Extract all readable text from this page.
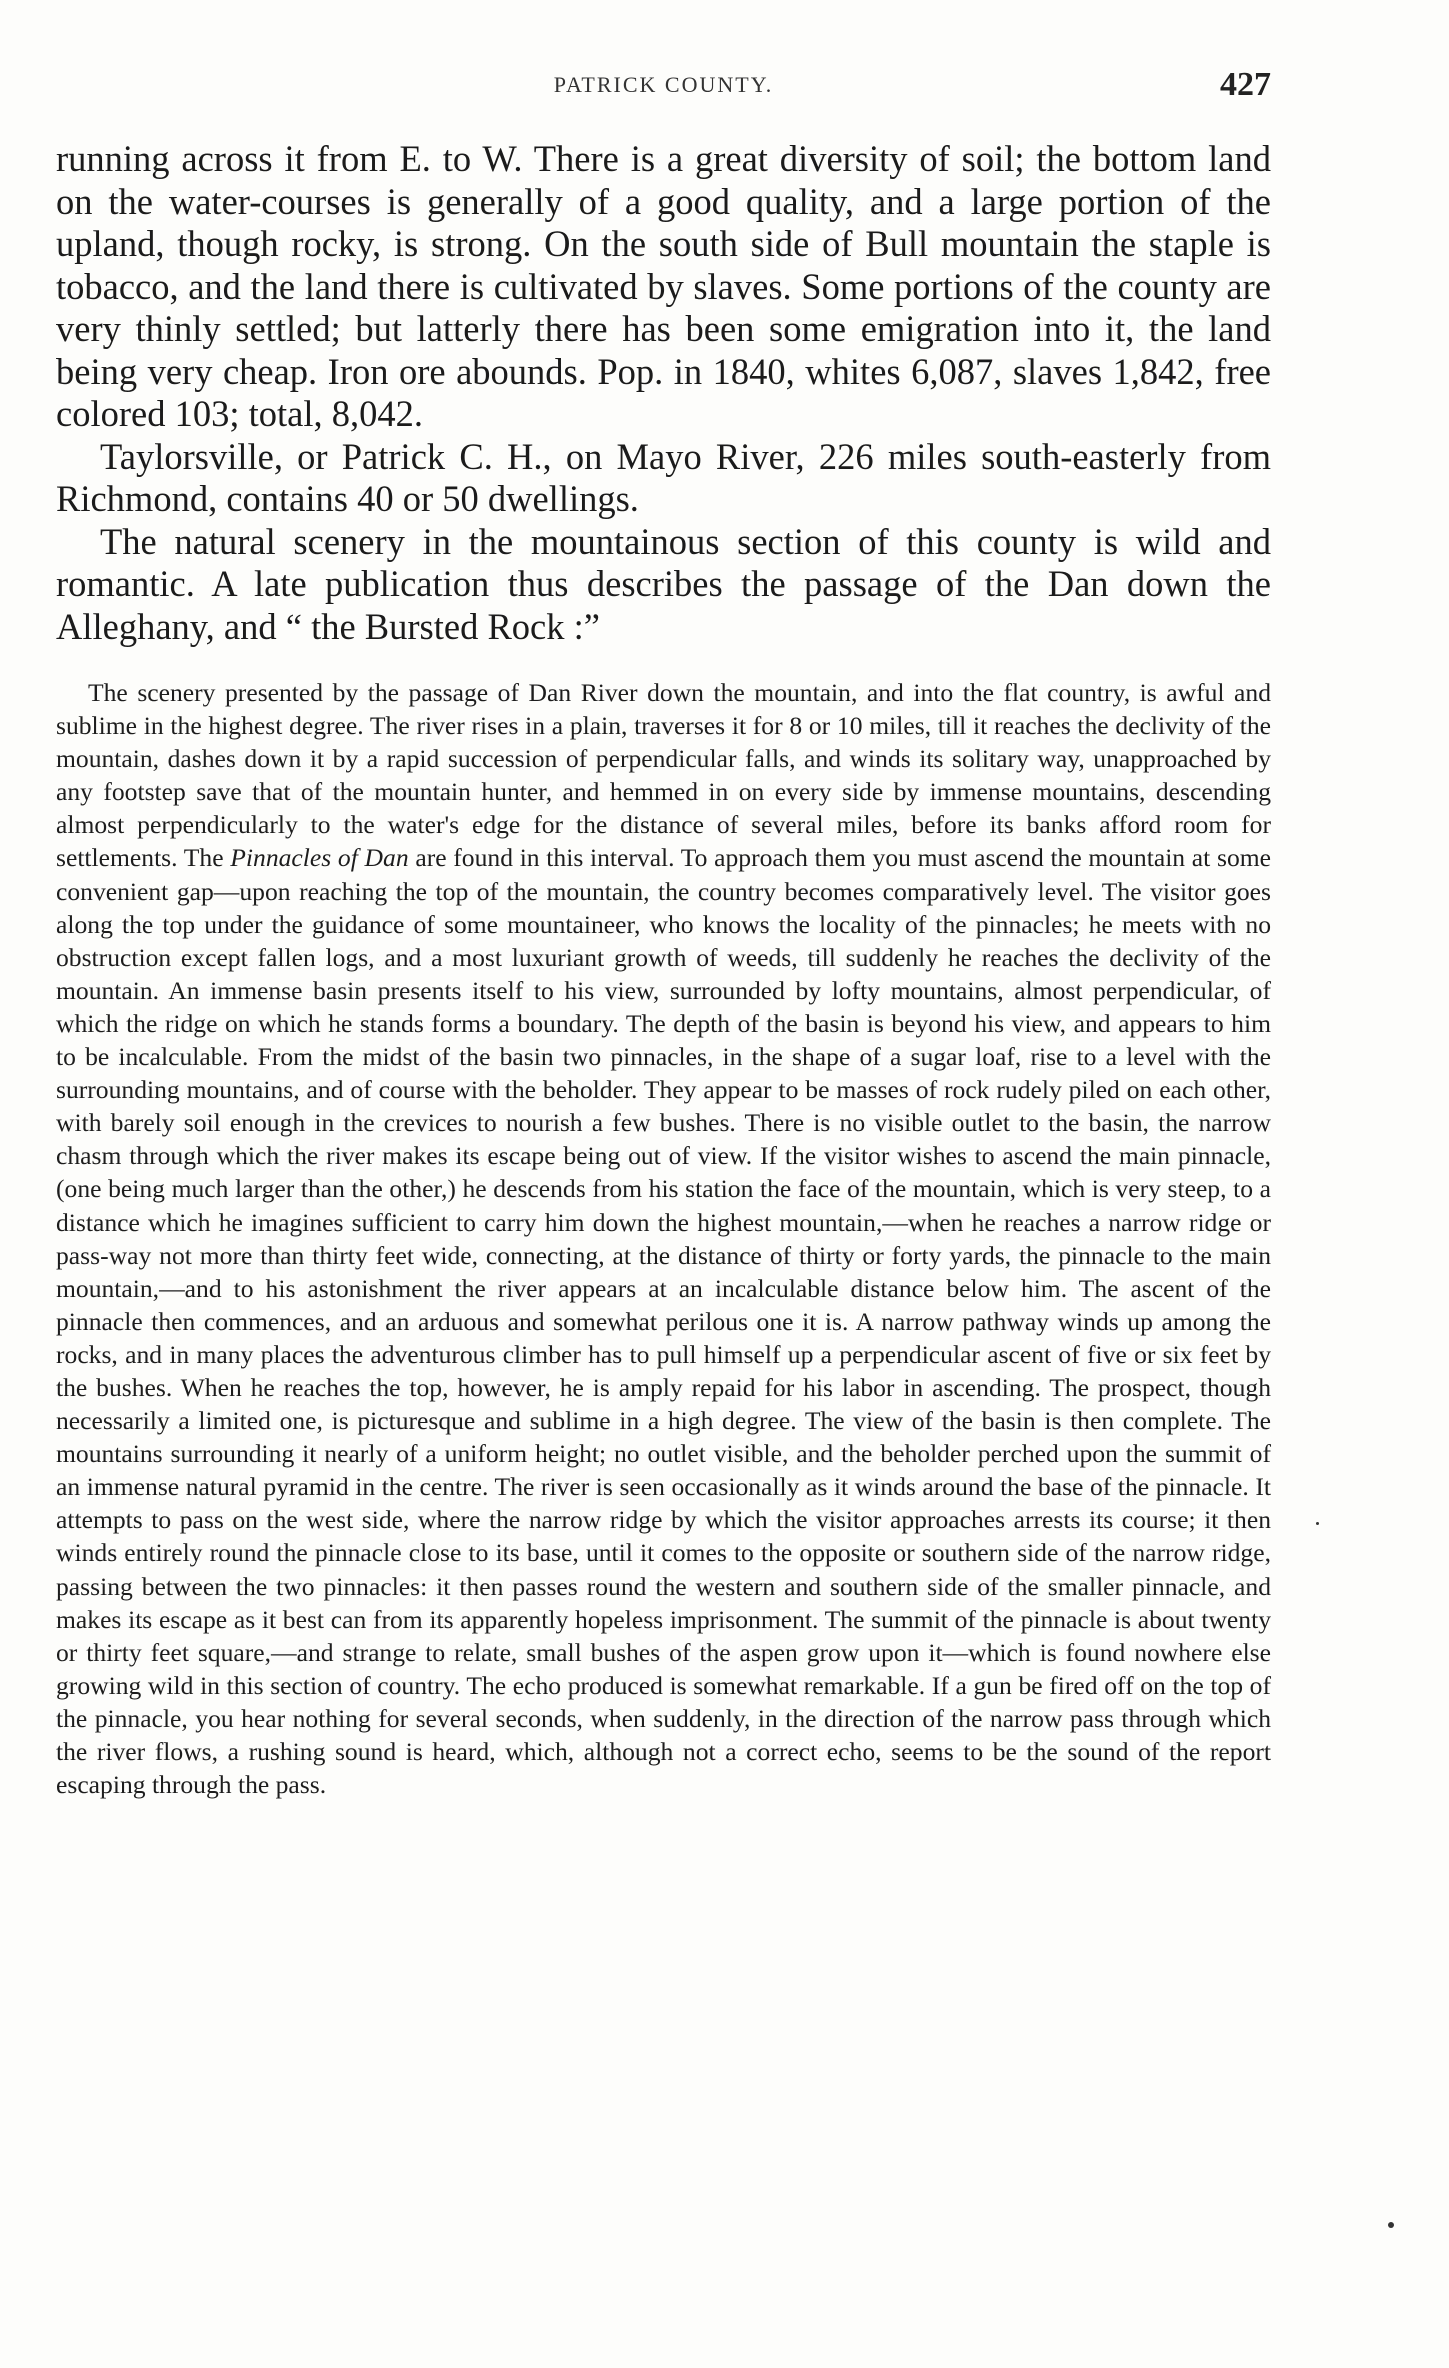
PATRICK COUNTY.	427

running across it from E. to W. There is a great diversity of soil; the bottom land on the water-courses is generally of a good quality, and a large portion of the upland, though rocky, is strong. On the south side of Bull mountain the staple is tobacco, and the land there is cultivated by slaves. Some portions of the county are very thinly settled; but latterly there has been some emigration into it, the land being very cheap. Iron ore abounds. Pop. in 1840, whites 6,087, slaves 1,842, free colored 103; total, 8,042.

Taylorsville, or Patrick C. H., on Mayo River, 226 miles south-easterly from Richmond, contains 40 or 50 dwellings.

The natural scenery in the mountainous section of this county is wild and romantic. A late publication thus describes the passage of the Dan down the Alleghany, and “ the Bursted Rock :”

The scenery presented by the passage of Dan River down the mountain, and into the flat country, is awful and sublime in the highest degree. The river rises in a plain, traverses it for 8 or 10 miles, till it reaches the declivity of the mountain, dashes down it by a rapid succession of perpendicular falls, and winds its solitary way, unapproached by any footstep save that of the mountain hunter, and hemmed in on every side by immense mountains, descending almost perpendicularly to the water's edge for the distance of several miles, before its banks afford room for settlements. The Pinnacles of Dan are found in this interval. To approach them you must ascend the mountain at some convenient gap—upon reaching the top of the mountain, the country becomes comparatively level. The visitor goes along the top under the guidance of some mountaineer, who knows the locality of the pinnacles; he meets with no obstruction except fallen logs, and a most luxuriant growth of weeds, till suddenly he reaches the declivity of the mountain. An immense basin presents itself to his view, surrounded by lofty mountains, almost perpendicular, of which the ridge on which he stands forms a boundary. The depth of the basin is beyond his view, and appears to him to be incalculable. From the midst of the basin two pinnacles, in the shape of a sugar loaf, rise to a level with the surrounding mountains, and of course with the beholder. They appear to be masses of rock rudely piled on each other, with barely soil enough in the crevices to nourish a few bushes. There is no visible outlet to the basin, the narrow chasm through which the river makes its escape being out of view. If the visitor wishes to ascend the main pinnacle, (one being much larger than the other,) he descends from his station the face of the mountain, which is very steep, to a distance which he imagines sufficient to carry him down the highest mountain,—when he reaches a narrow ridge or pass-way not more than thirty feet wide, connecting, at the distance of thirty or forty yards, the pinnacle to the main mountain,—and to his astonishment the river appears at an incalculable distance below him. The ascent of the pinnacle then commences, and an arduous and somewhat perilous one it is. A narrow pathway winds up among the rocks, and in many places the adventurous climber has to pull himself up a perpendicular ascent of five or six feet by the bushes. When he reaches the top, however, he is amply repaid for his labor in ascending. The prospect, though necessarily a limited one, is picturesque and sublime in a high degree. The view of the basin is then complete. The mountains surrounding it nearly of a uniform height; no outlet visible, and the beholder perched upon the summit of an immense natural pyramid in the centre. The river is seen occasionally as it winds around the base of the pinnacle. It attempts to pass on the west side, where the narrow ridge by which the visitor approaches arrests its course; it then winds entirely round the pinnacle close to its base, until it comes to the opposite or southern side of the narrow ridge, passing between the two pinnacles: it then passes round the western and southern side of the smaller pinnacle, and makes its escape as it best can from its apparently hopeless imprisonment. The summit of the pinnacle is about twenty or thirty feet square,—and strange to relate, small bushes of the aspen grow upon it—which is found nowhere else growing wild in this section of country. The echo produced is somewhat remarkable. If a gun be fired off on the top of the pinnacle, you hear nothing for several seconds, when suddenly, in the direction of the narrow pass through which the river flows, a rushing sound is heard, which, although not a correct echo, seems to be the sound of the report escaping through the pass.
